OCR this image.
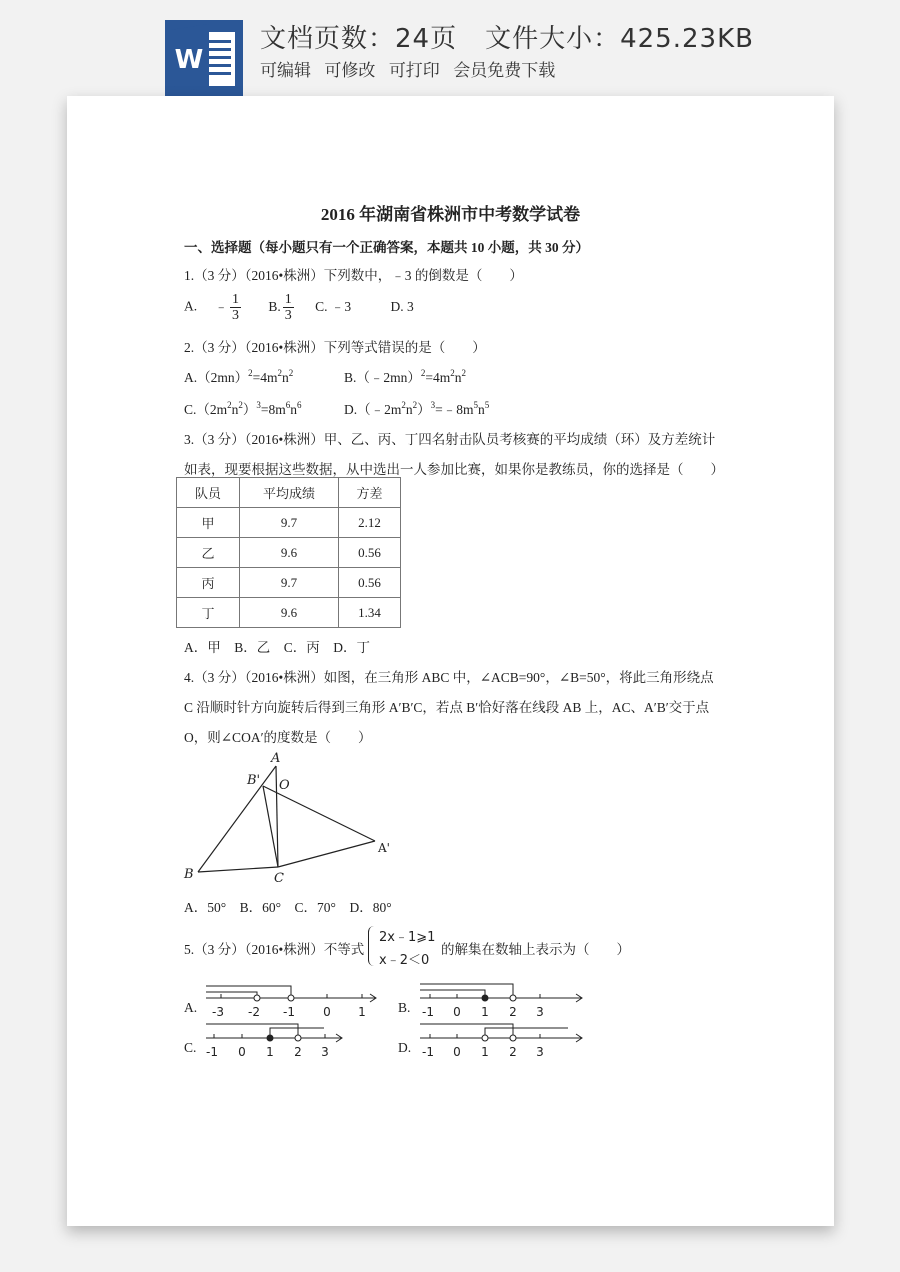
W
文档页数：24页 文件大小：425.23KB
可编辑 可修改 可打印 会员免费下载
2016 年湖南省株洲市中考数学试卷
一、选择题（每小题只有一个正确答案，本题共 10 小题，共 30 分）
1.（3 分）（2016•株洲）下列数中，﹣3 的倒数是（　　）
A. ﹣ $\frac{1}{3} B$. $\frac{1}{3} C$. ﹣3	D. 3
2.（3 分）（2016•株洲）下列等式错误的是（　　）
$A.(2mn)^2=4m^2n^2$	$B.(﹣2mn)^2=4m^2n^2$
$C.(2m^2n^2)^3=8m^6n^6$	$D.(﹣2m^2n^2)^3=﹣8m^5n^5$
3.（3 分）（2016•株洲）甲、乙、丙、丁四名射击队员考核赛的平均成绩（环）及方差统计
如表，现要根据这些数据，从中选出一人参加比赛，如果你是教练员，你的选择是（　　）
队员	平均成绩	方差
甲	9.7	2.12
乙	9.6	0.56
丙	9.7	0.56
丁	9.6	1.34
A．甲　B．乙　C．丙　D．丁
4.（3 分）（2016•株洲）如图，在三角形 ABC 中，∠ACB=90°，∠B=50°，将此三角形绕点
C 沿顺时针方向旋转后得到三角形 A′B′C，若点 B′恰好落在线段 AB 上，AC、A′B′交于点
O，则∠COA′的度数是（　　）
A
B' O
A'
B	C
A．50°　B．60°　C．70°　D．80°
5.（3 分）（2016•株洲）不等式
2x﹣1⩾1
x﹣2＜0
的解集在数轴上表示为（　　）
A. -3 -2 -1 0 1 B. -1 0 1 2 3
C. -1 0 1 2 3	D. -1 0 1 2 3
